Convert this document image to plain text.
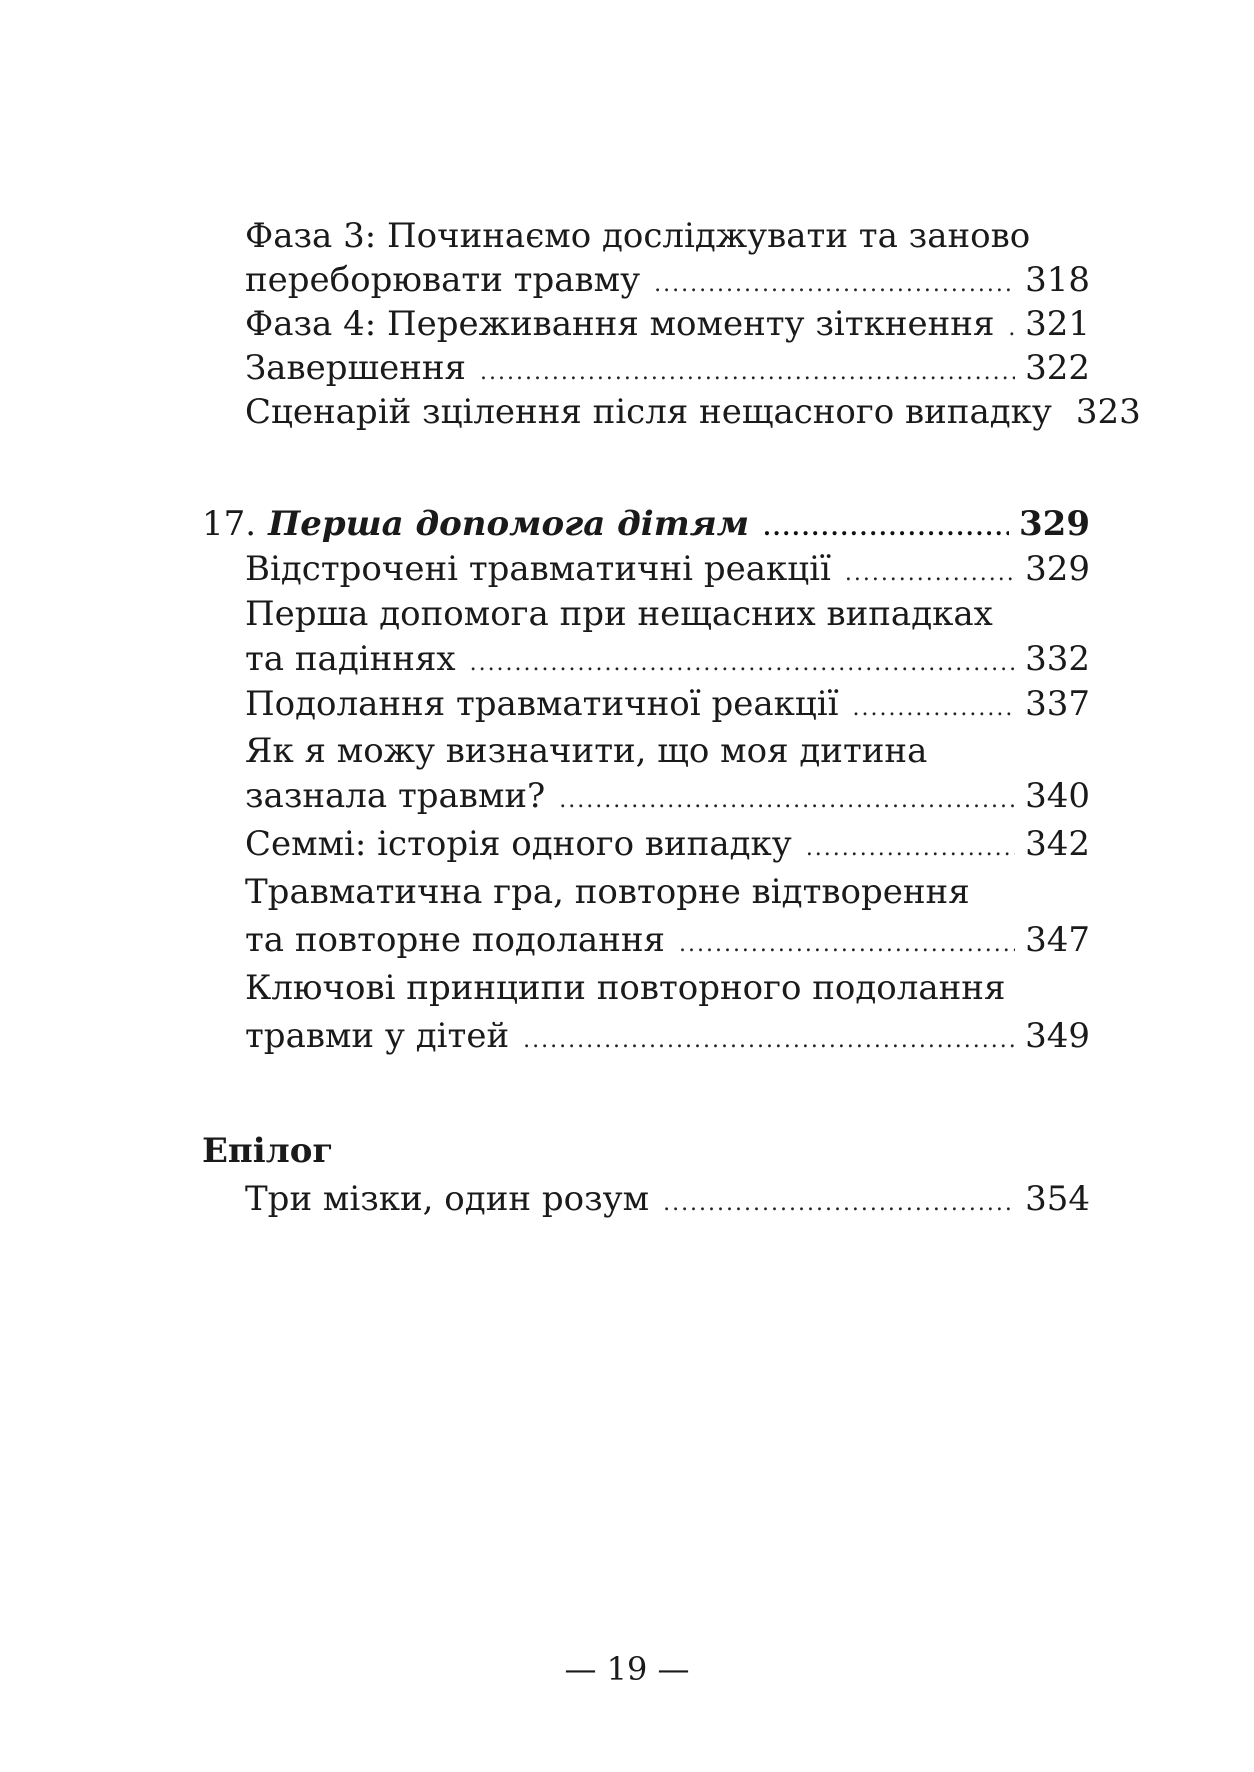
Фаза 3: Починаємо досліджувати та заново
переборювати травму .....	318
Фаза 4: Переживання моменту зіткнення ..... 321
Завершення .....	322
Сценарій зцілення після нещасного випадку 323
17. Перша допомога дітям .....	329
Відстрочені травматичні реакції .....	329
Перша допомога при нещасних випадках
та падіннях .....	332
Подолання травматичної реакції .....	337
Як я можу визначити, що моя дитина
зазнала травми? .....	340
Семмі: історія одного випадку .....	342
Травматична гра, повторне відтворення
та повторне подолання .....	347
Ключові принципи повторного подолання
травми у дітей .....	349
Епілог
Три мізки, один розум .....	354
— 19 —
